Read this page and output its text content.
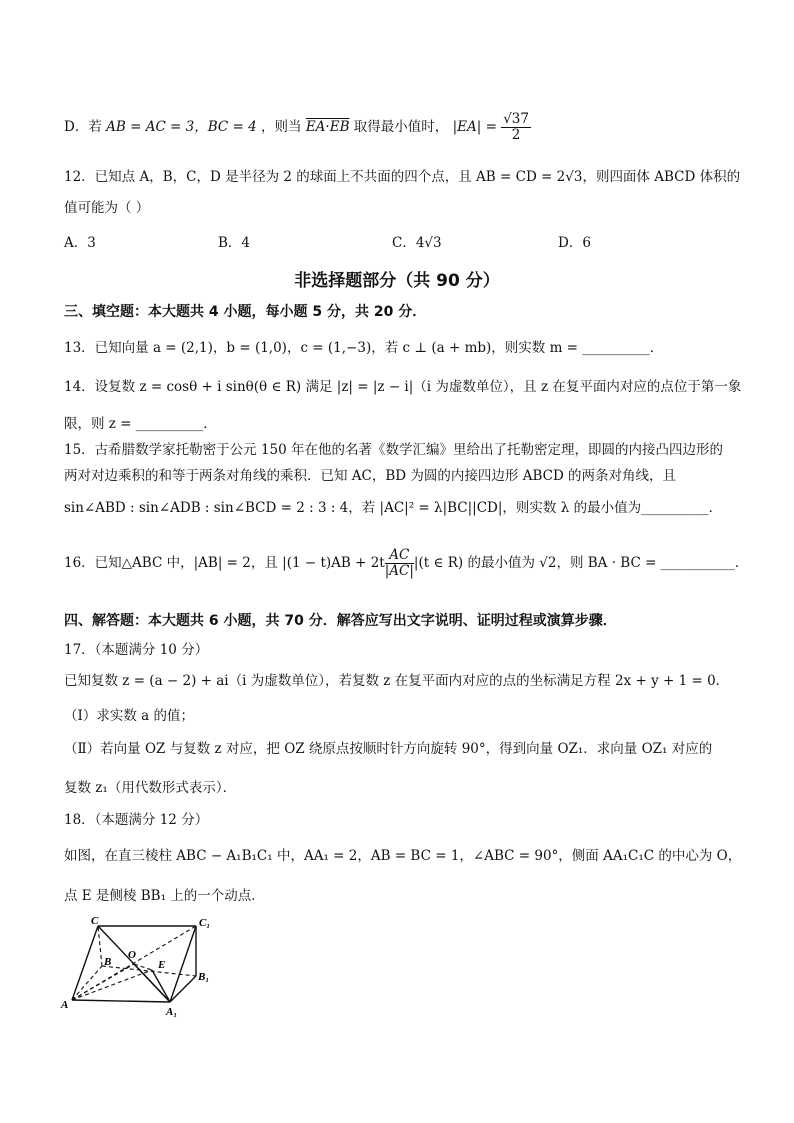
D．若 AB = AC = 3，BC = 4 ，则当 EA·EB 取得最小值时， $|EA| = \frac{√37}{2}$
12．已知点 A，B，C，D 是半径为 2 的球面上不共面的四个点，且 AB = CD = 2√3，则四面体 ABCD 体积的
值可能为（ ）
A．3	B．4	C．4√3	D．6
非选择题部分（共 90 分）
三、填空题：本大题共 4 小题，每小题 5 分，共 20 分．
13．已知向量 a = (2,1)，b = (1,0)，c = (1,−3)，若 c ⊥ (a + mb)，则实数 m = __________．
14．设复数 z = cosθ + i sinθ(θ ∈ R) 满足 |z| = |z − i|（i 为虚数单位），且 z 在复平面内对应的点位于第一象
限，则 z = __________．
15．古希腊数学家托勒密于公元 150 年在他的名著《数学汇编》里给出了托勒密定理，即圆的内接凸四边形的
两对对边乘积的和等于两条对角线的乘积．已知 AC，BD 为圆的内接四边形 ABCD 的两条对角线，且
sin∠ABD : sin∠ADB : sin∠BCD = 2 : 3 : 4，若 |AC|² = λ|BC||CD|，则实数 λ 的最小值为__________．
16．已知△ABC 中，|AB| = 2，且 $|(1 - t)AB + 2t \frac{AC}{|AC|} |(t$ ∈ R) 的最小值为 √2，则 BA · BC = ___________．
四、解答题：本大题共 6 小题，共 70 分．解答应写出文字说明、证明过程或演算步骤．
17．（本题满分 10 分）
已知复数 z = (a − 2) + ai（i 为虚数单位），若复数 z 在复平面内对应的点的坐标满足方程 2x + y + 1 = 0．
（Ⅰ）求实数 a 的值；
（Ⅱ）若向量 OZ 与复数 z 对应，把 OZ 绕原点按顺时针方向旋转 90°，得到向量 OZ₁．求向量 OZ₁ 对应的
复数 z₁（用代数形式表示）．
18．（本题满分 12 分）
如图，在直三棱柱 ABC − A₁B₁C₁ 中，AA₁ = 2，AB = BC = 1，∠ABC = 90°，侧面 AA₁C₁C 的中心为 O，
点 E 是侧棱 BB₁ 上的一个动点．
C	C₁
B
O
E
B₁
A
A₁
